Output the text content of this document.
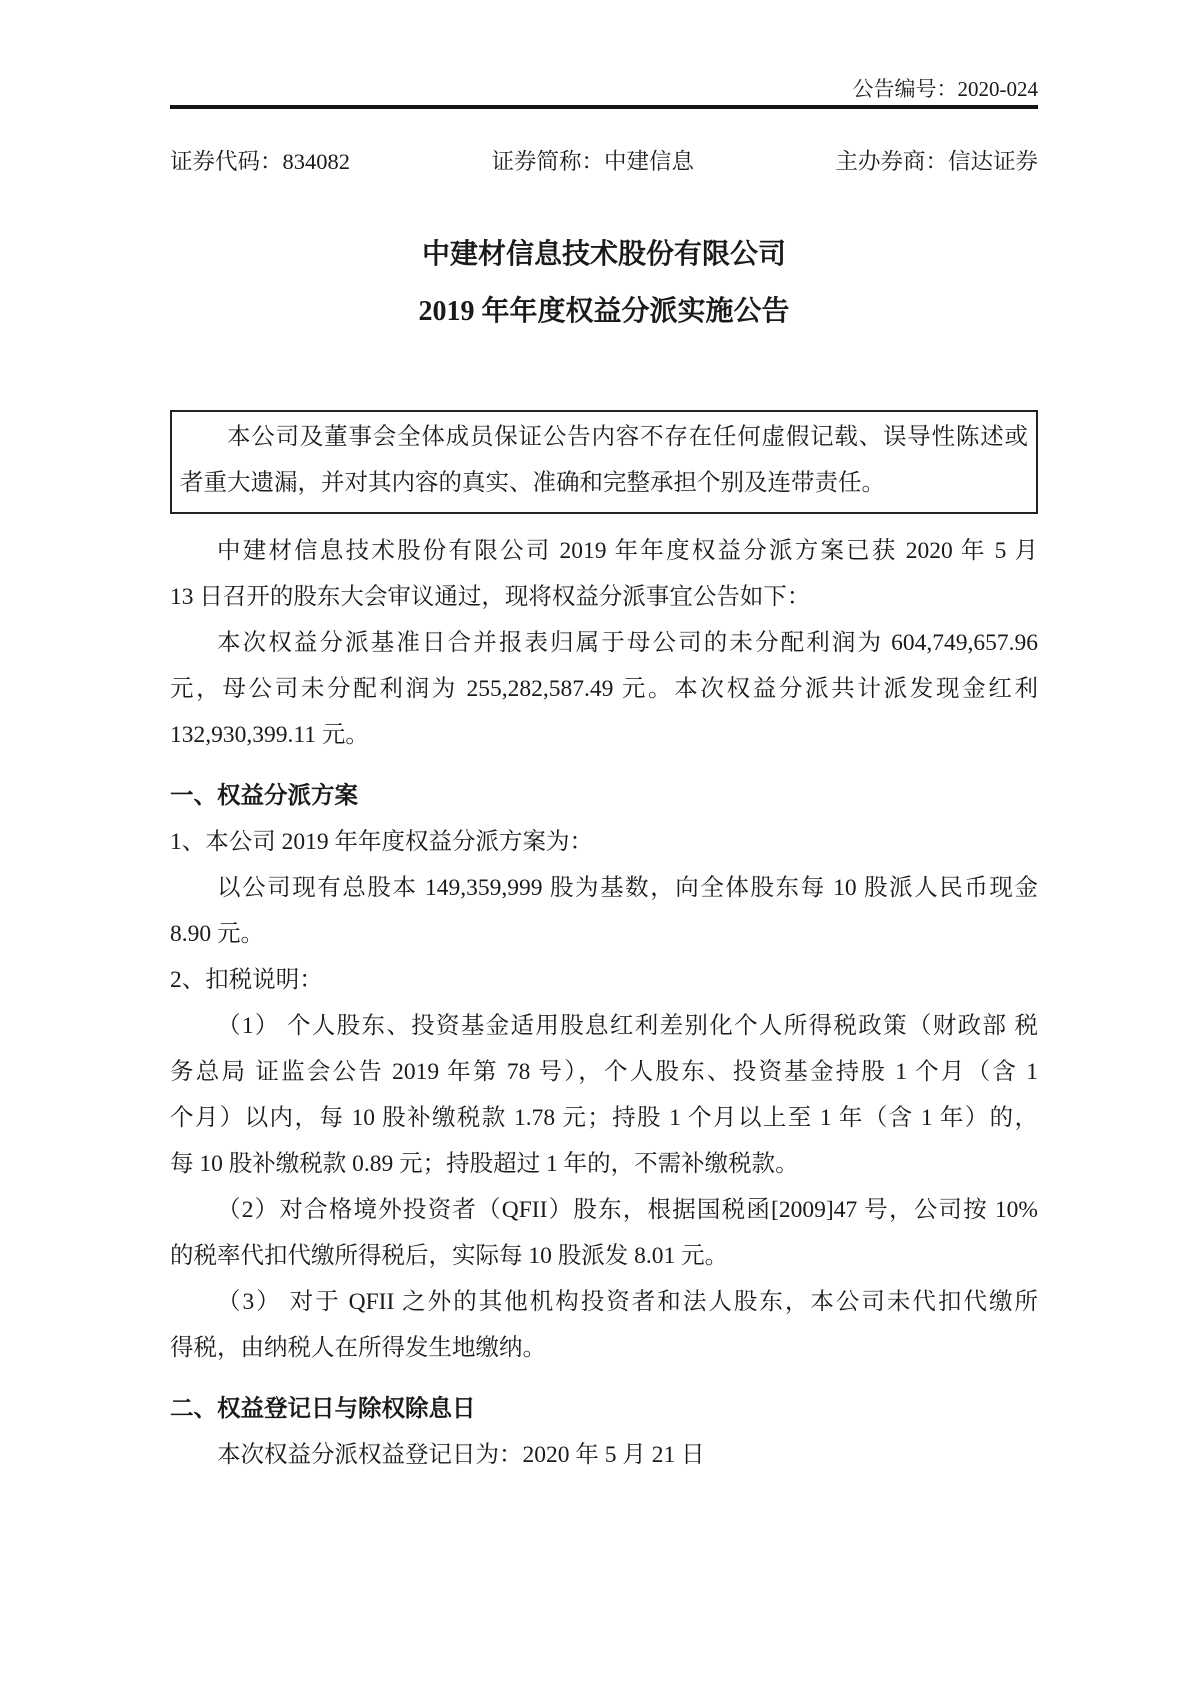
公告编号：2020-024
证券代码：834082	证券简称：中建信息	主办券商：信达证券
中建材信息技术股份有限公司
2019 年年度权益分派实施公告
本公司及董事会全体成员保证公告内容不存在任何虚假记载、误导性陈述或
者重大遗漏，并对其内容的真实、准确和完整承担个别及连带责任。
中建材信息技术股份有限公司 2019 年年度权益分派方案已获 2020 年 5 月
13 日召开的股东大会审议通过，现将权益分派事宜公告如下：
本次权益分派基准日合并报表归属于母公司的未分配利润为 604,749,657.96
元，母公司未分配利润为 255,282,587.49 元。本次权益分派共计派发现金红利
132,930,399.11 元。
一、权益分派方案
1、本公司 2019 年年度权益分派方案为：
以公司现有总股本 149,359,999 股为基数，向全体股东每 10 股派人民币现金
8.90 元。
2、扣税说明：
（1） 个人股东、投资基金适用股息红利差别化个人所得税政策（财政部 税
务总局 证监会公告 2019 年第 78 号），个人股东、投资基金持股 1 个月（含 1
个月）以内，每 10 股补缴税款 1.78 元；持股 1 个月以上至 1 年（含 1 年）的，
每 10 股补缴税款 0.89 元；持股超过 1 年的，不需补缴税款。
（2）对合格境外投资者（QFII）股东，根据国税函[2009]47 号，公司按 10%
的税率代扣代缴所得税后，实际每 10 股派发 8.01 元。
（3） 对于 QFII 之外的其他机构投资者和法人股东，本公司未代扣代缴所
得税，由纳税人在所得发生地缴纳。
二、权益登记日与除权除息日
本次权益分派权益登记日为：2020 年 5 月 21 日
